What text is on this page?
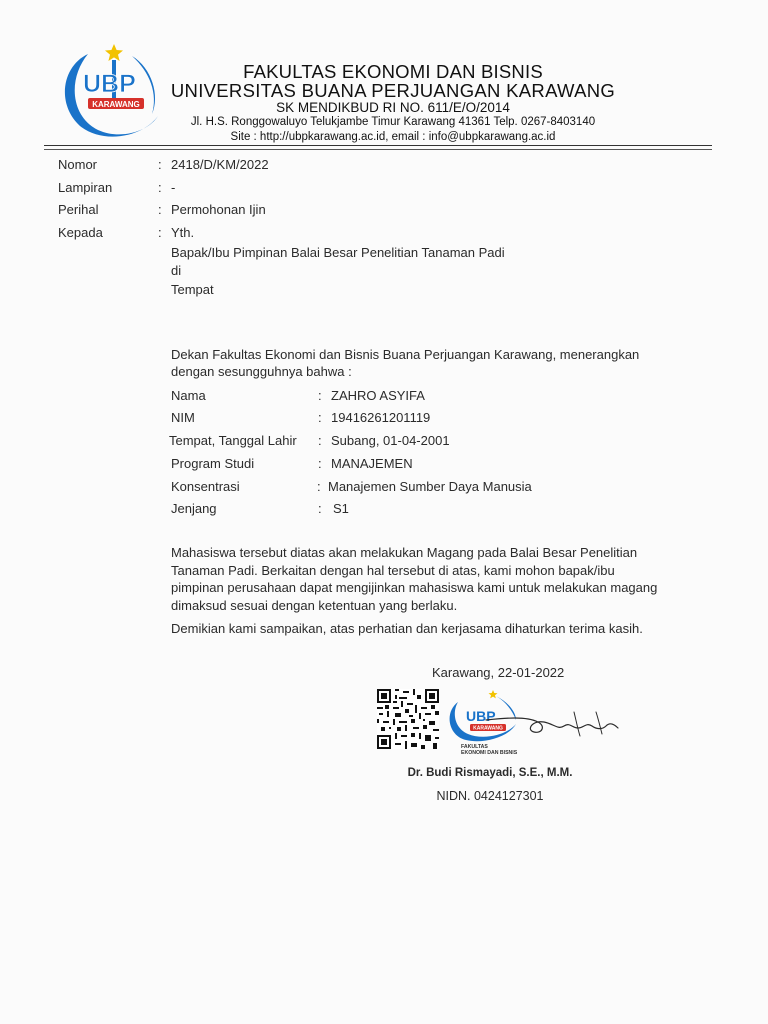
UBP
KARAWANG
FAKULTAS EKONOMI DAN BISNIS
UNIVERSITAS BUANA PERJUANGAN KARAWANG
SK MENDIKBUD RI NO. 611/E/O/2014
Jl. H.S. Ronggowaluyo Telukjambe Timur Karawang 41361 Telp. 0267-8403140
Site : http://ubpkarawang.ac.id, email : info@ubpkarawang.ac.id
Nomor	: 2418/D/KM/2022
Lampiran	: -
Perihal	: Permohonan Ijin
Kepada	: Yth.
Bapak/Ibu Pimpinan Balai Besar Penelitian Tanaman Padi
di
Tempat
Dekan Fakultas Ekonomi dan Bisnis Buana Perjuangan Karawang, menerangkan
dengan sesungguhnya bahwa :
Nama	: ZAHRO ASYIFA
NIM	: 19416261201119
Tempat, Tanggal Lahir : Subang, 01-04-2001
Program Studi	: MANAJEMEN
Konsentrasi	: Manajemen Sumber Daya Manusia
Jenjang	: S1
Mahasiswa tersebut diatas akan melakukan Magang pada Balai Besar Penelitian
Tanaman Padi. Berkaitan dengan hal tersebut di atas, kami mohon bapak/ibu
pimpinan perusahaan dapat mengijinkan mahasiswa kami untuk melakukan magang
dimaksud sesuai dengan ketentuan yang berlaku.
Demikian kami sampaikan, atas perhatian dan kerjasama dihaturkan terima kasih.
Karawang, 22-01-2022
UBP
KARAWANG
FAKULTAS
EKONOMI DAN BISNIS
Dr. Budi Rismayadi, S.E., M.M.
NIDN. 0424127301
